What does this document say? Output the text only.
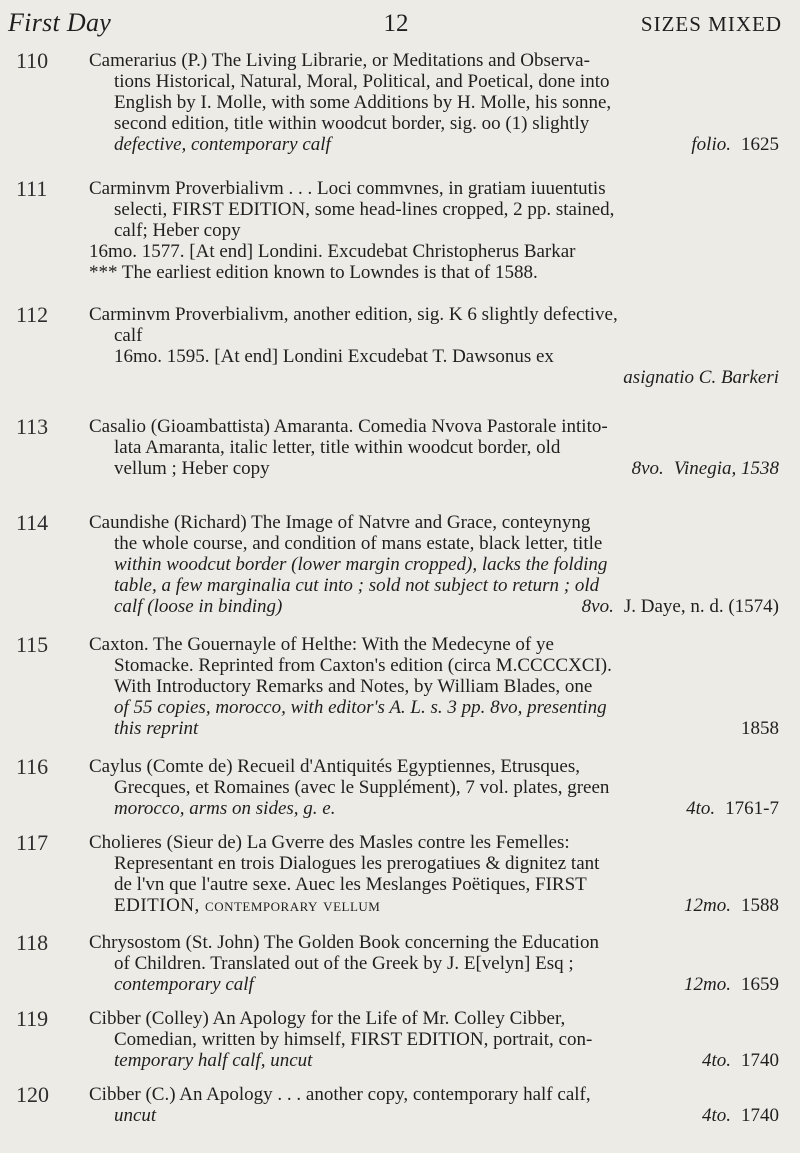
First Day	12	SIZES MIXED
110 Camerarius (P.) The Living Librarie, or Meditations and Observa-
tions Historical, Natural, Moral, Political, and Poetical, done into
English by I. Molle, with some Additions by H. Molle, his sonne,
second edition, title within woodcut border, sig. oo (1) slightly
defective, contemporary calf	folio. 1625
111 Carminvm Proverbialivm . . . Loci commvnes, in gratiam iuuentutis
selecti, FIRST EDITION, some head-lines cropped, 2 pp. stained,
calf; Heber copy
16mo. 1577. [At end] Londini. Excudebat Christopherus Barkar
*** The earliest edition known to Lowndes is that of 1588.
112 Carminvm Proverbialivm, another edition, sig. K 6 slightly defective,
calf
16mo. 1595. [At end] Londini Excudebat T. Dawsonus ex
asignatio C. Barkeri
113 Casalio (Gioambattista) Amaranta. Comedia Nvova Pastorale intito-
lata Amaranta, italic letter, title within woodcut border, old
vellum ; Heber copy	8vo. Vinegia, 1538
114 Caundishe (Richard) The Image of Natvre and Grace, conteynyng
the whole course, and condition of mans estate, black letter, title
within woodcut border (lower margin cropped), lacks the folding
table, a few marginalia cut into ; sold not subject to return ; old
calf (loose in binding)	8vo. J. Daye, n. d. (1574)
115 Caxton. The Gouernayle of Helthe: With the Medecyne of ye
Stomacke. Reprinted from Caxton's edition (circa M.CCCCXCI).
With Introductory Remarks and Notes, by William Blades, one
of 55 copies, morocco, with editor's A. L. s. 3 pp. 8vo, presenting
this reprint	1858
116 Caylus (Comte de) Recueil d'Antiquités Egyptiennes, Etrusques,
Grecques, et Romaines (avec le Supplément), 7 vol. plates, green
morocco, arms on sides, g. e.	4to. 1761-7
117 Cholieres (Sieur de) La Gverre des Masles contre les Femelles:
Representant en trois Dialogues les prerogatiues & dignitez tant
de l'vn que l'autre sexe. Auec les Meslanges Poëtiques, FIRST
EDITION, contemporary vellum	12mo. 1588
118 Chrysostom (St. John) The Golden Book concerning the Education
of Children. Translated out of the Greek by J. E[velyn] Esq ;
contemporary calf	12mo. 1659
119 Cibber (Colley) An Apology for the Life of Mr. Colley Cibber,
Comedian, written by himself, FIRST EDITION, portrait, con-
temporary half calf, uncut	4to. 1740
120 Cibber (C.) An Apology . . . another copy, contemporary half calf,
uncut	4to. 1740
